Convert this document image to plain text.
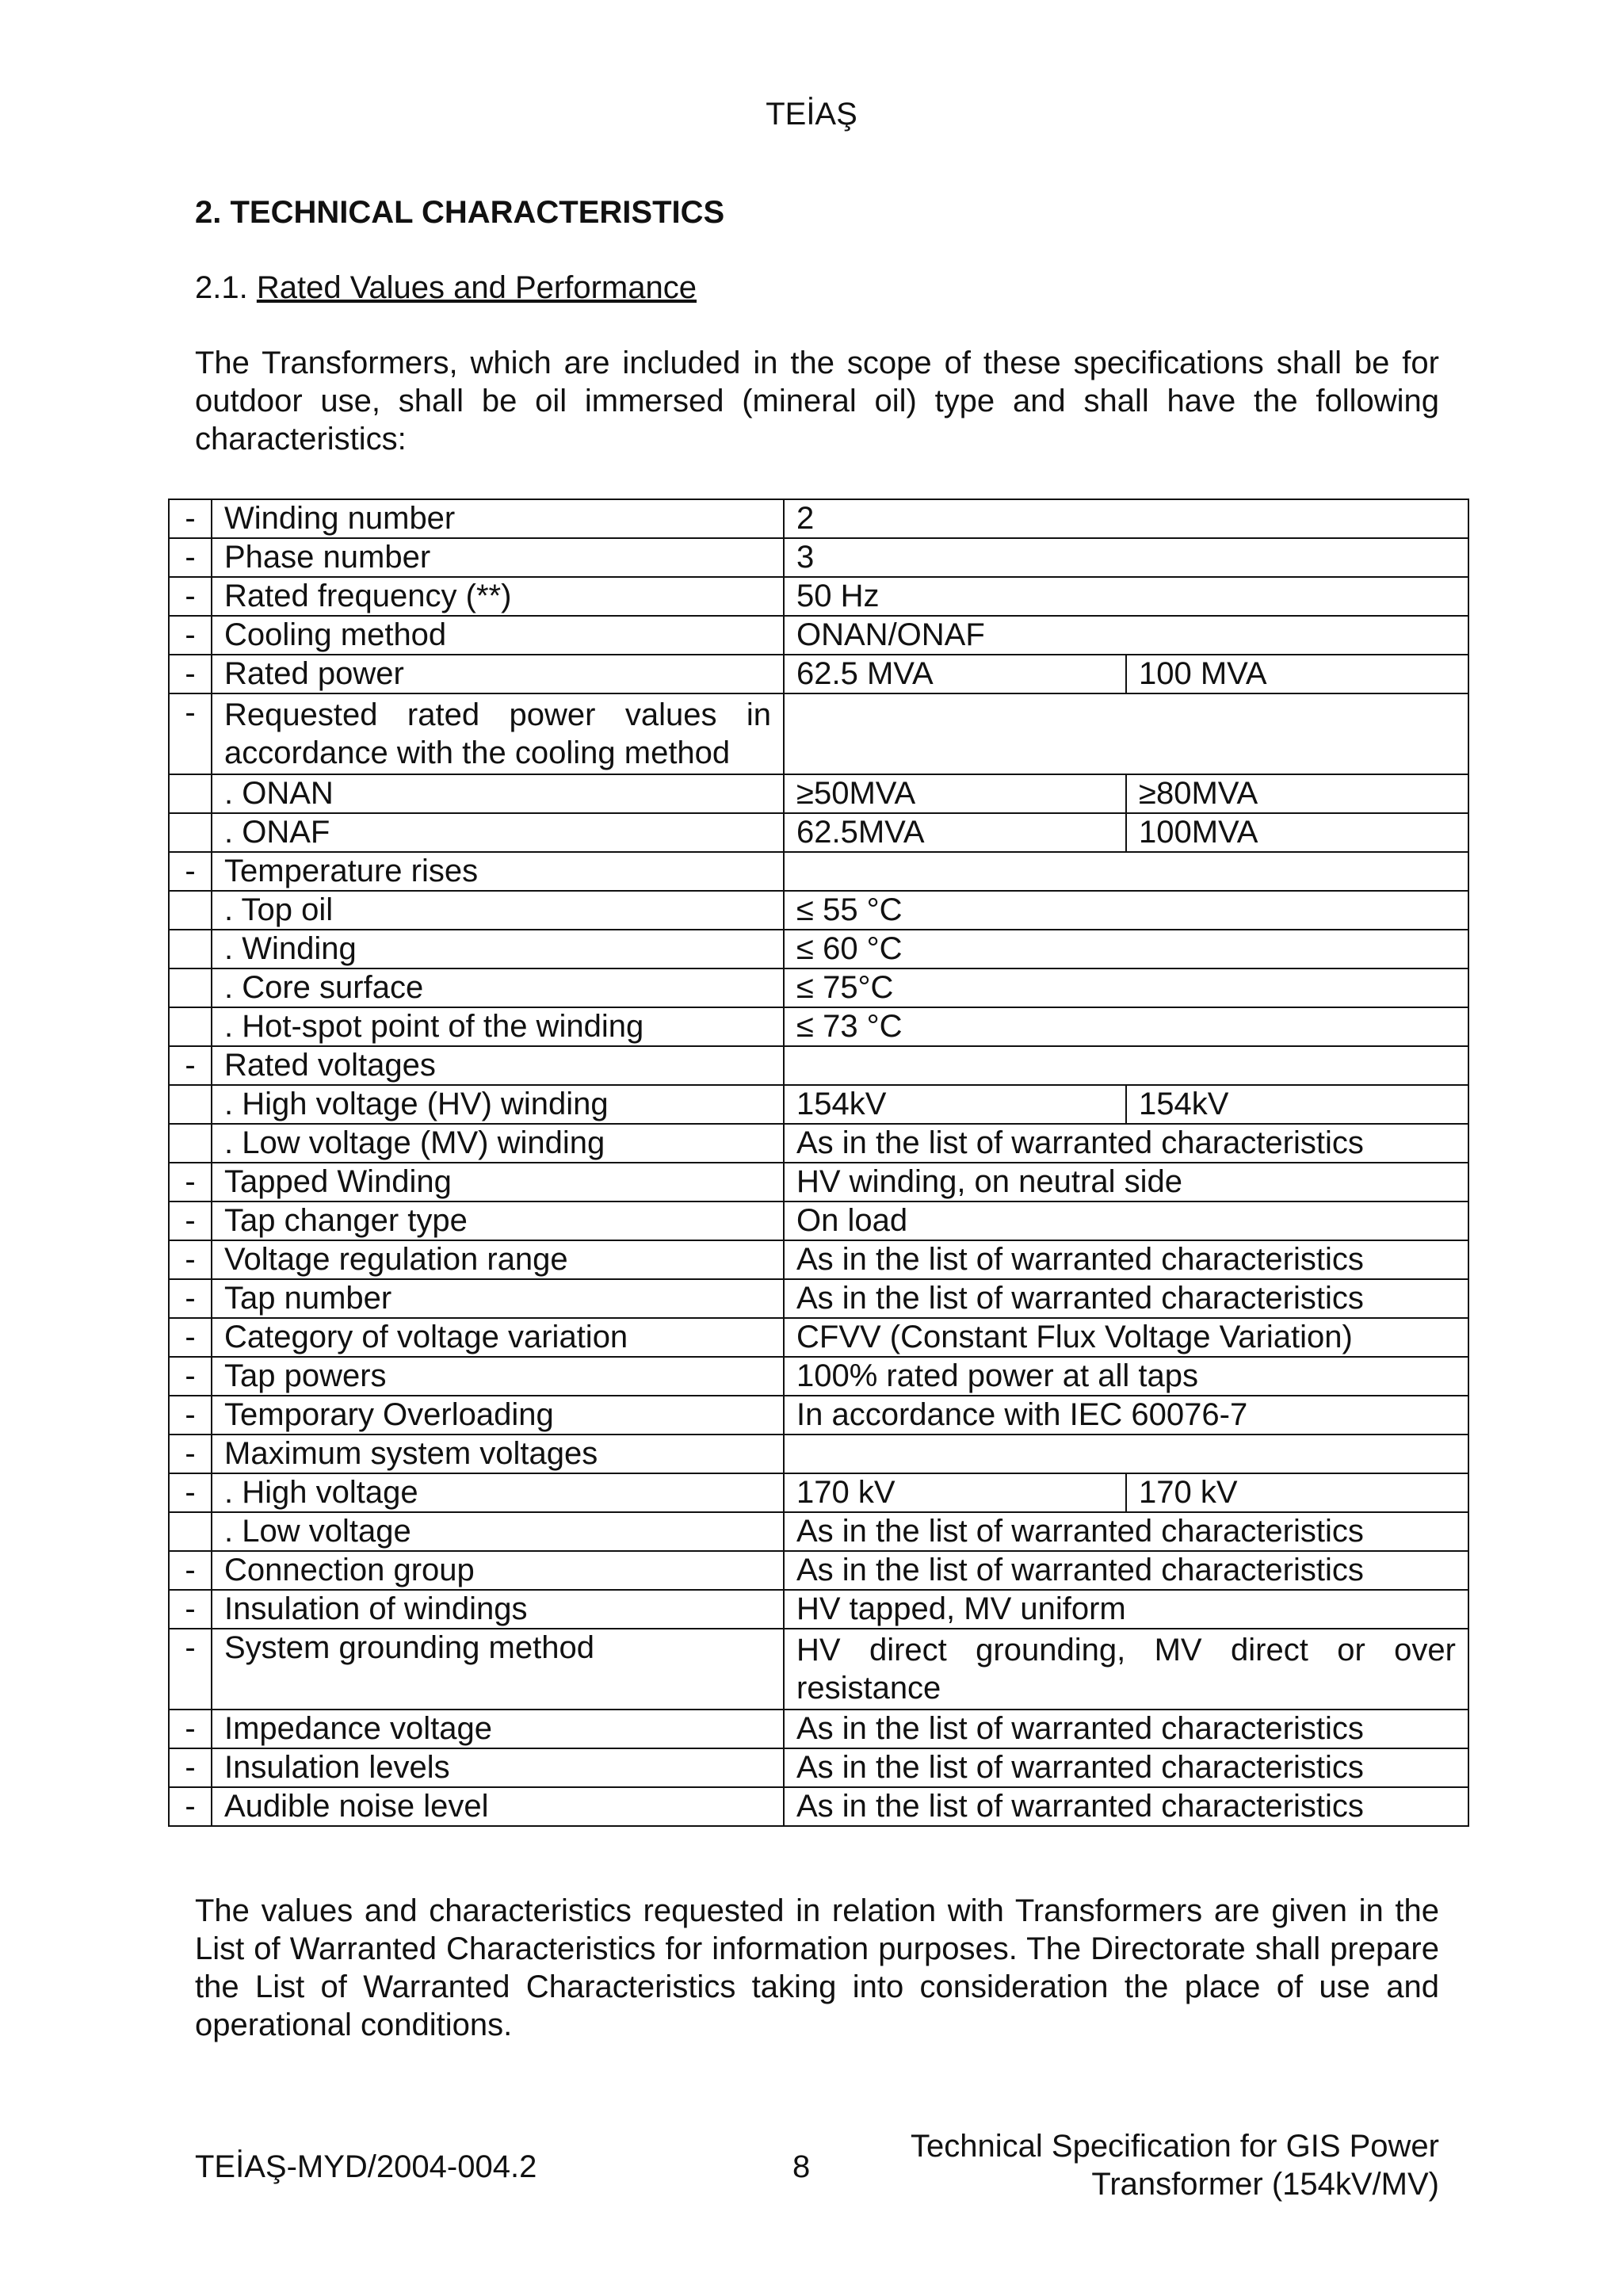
TEİAŞ
2. TECHNICAL CHARACTERISTICS
2.1. Rated Values and Performance
The Transformers, which are included in the scope of these specifications shall be for outdoor use, shall be oil immersed (mineral oil) type and shall have the following characteristics:
-	Winding number	2	
-	Phase number	3	
-	Rated frequency (**)	50 Hz	
-	Cooling method	ONAN/ONAF	
-	Rated power	62.5 MVA	100 MVA
-	Requested rated power values in accordance with the cooling method		
	. ONAN	≥50MVA	≥80MVA
	. ONAF	62.5MVA	100MVA
-	Temperature rises		
	. Top oil	≤ 55 °C	
	. Winding	≤ 60 °C	
	. Core surface	≤ 75°C	
	. Hot-spot point of the winding	≤ 73 °C	
-	Rated voltages		
	. High voltage (HV) winding	154kV	154kV
	. Low voltage (MV) winding	As in the list of warranted characteristics	
-	Tapped Winding	HV winding, on neutral side	
-	Tap changer type	On load	
-	Voltage regulation range	As in the list of warranted characteristics	
-	Tap number	As in the list of warranted characteristics	
-	Category of voltage variation	CFVV (Constant Flux Voltage Variation)	
-	Tap powers	100% rated power at all taps	
-	Temporary Overloading	In accordance with IEC 60076-7	
-	Maximum system voltages		
-	. High voltage	170 kV	170 kV
	. Low voltage	As in the list of warranted characteristics	
-	Connection group	As in the list of warranted characteristics	
-	Insulation of windings	HV tapped, MV uniform	
-	System grounding method	HV direct grounding, MV direct or over resistance	
-	Impedance voltage	As in the list of warranted characteristics	
-	Insulation levels	As in the list of warranted characteristics	
-	Audible noise level	As in the list of warranted characteristics	
The values and characteristics requested in relation with Transformers are given in the List of Warranted Characteristics for information purposes. The Directorate shall prepare the List of Warranted Characteristics taking into consideration the place of use and operational conditions.
TEİAŞ-MYD/2004-004.2	8
Technical Specification for GIS Power
Transformer (154kV/MV)
